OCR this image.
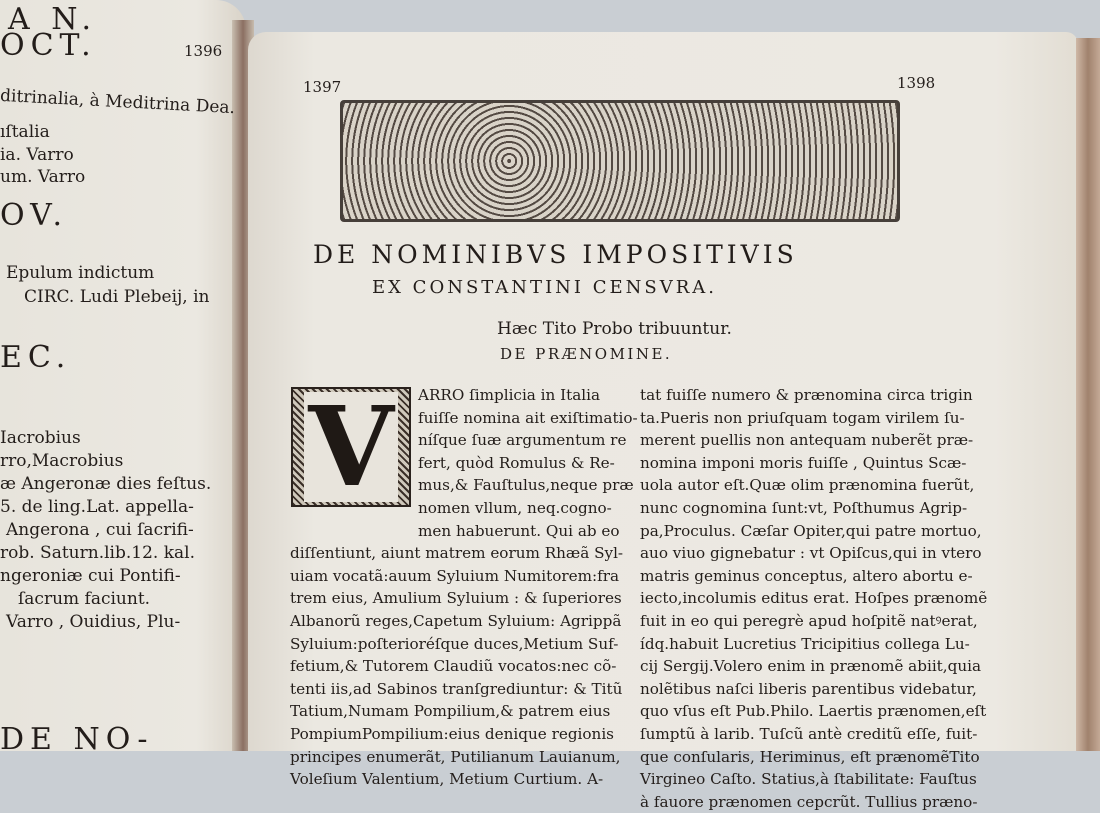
A N.
OCT.
ditrinalia, à Meditrina Dea.
ıſtalia
ia. Varro
um. Varro
OV.
Epulum indictum
CIRC. Ludi Plebeij, in
EC.
Iacrobius
rro,Macrobius
æ Angeronæ dies feſtus.
5. de ling.Lat. appella-
Angerona , cui ſacrifi-
rob. Saturn.lib.12. kal.
ngeroniæ cui Pontifi-
ſacrum faciunt.
Varro , Ouidius, Plu-
DE NO-
1396
1397	1398
DE NOMINIBVS IMPOSITIVIS
EX CONSTANTINI CENSVRA.
Hæc Tito Probo tribuuntur.
DE PRÆNOMINE.
V	ARRO ſimplicia in Italia
fuiſſe nomina ait exiſtimatio-
níſque ſuæ argumentum re
fert, quòd Romulus & Re-
mus,& Fauſtulus,neque præ
nomen vllum, neq.cogno-
men habuerunt. Qui ab eo
diſſentiunt, aiunt matrem eorum Rhæã Syl-
uiam vocatã:auum Syluium Numitorem:fra
trem eius, Amulium Syluium : & ſuperiores
Albanorũ reges,Capetum Syluium: Agrippã
Syluium:poſterioréſque duces,Metium Suf-
fetium,& Tutorem Claudiũ vocatos:nec cõ-
tenti iis,ad Sabinos tranſgrediuntur: & Titũ
Tatium,Numam Pompilium,& patrem eius
PompiumPompilium:eius denique regionis
principes enumerãt, Putilianum Lauianum,
Voleſium Valentium, Metium Curtium. A-
tat fuiſſe numero & prænomina circa trigin
ta.Pueris non priuſquam togam virilem ſu-
merent puellis non antequam nuberẽt præ-
nomina imponi moris fuiſſe , Quintus Scæ-
uola autor eſt.Quæ olim prænomina fuerũt,
nunc cognomina ſunt:vt, Poſthumus Agrip-
pa,Proculus. Cæſar Opiter,qui patre mortuo,
auo viuo gignebatur : vt Opiſcus,qui in vtero
matris geminus conceptus, altero abortu e-
iecto,incolumis editus erat. Hoſpes prænomẽ
fuit in eo qui peregrè apud hoſpitẽ natꝰerat,
ídq.habuit Lucretius Tricipitius collega Lu-
cij Sergij.Volero enim in prænomẽ abiit,quia
nolẽtibus naſci liberis parentibus videbatur,
quo vſus eſt Pub.Philo. Laertis prænomen,eſt
ſumptũ à larib. Tuſcũ antè creditũ eſſe, fuit-
que conſularis, Heriminus, eſt prænomẽTito
Virgineo Caſto. Statius,à ſtabilitate: Fauſtus
à fauore prænomen cepcrũt. Tullius præno-
